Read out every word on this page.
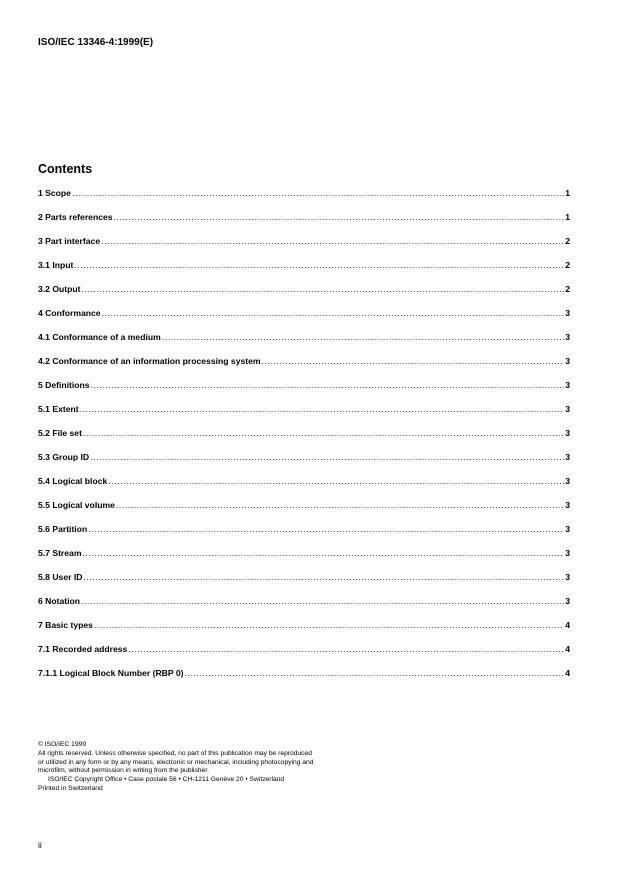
ISO/IEC 13346-4:1999(E)
Contents
1 Scope .....	1
2 Parts references .....	1
3 Part interface .....	2
3.1 Input .....	2
3.2 Output .....	2
4 Conformance .....	3
4.1 Conformance of a medium .....	3
4.2 Conformance of an information processing system .....	3
5 Definitions .....	3
5.1 Extent .....	3
5.2 File set .....	3
5.3 Group ID .....	3
5.4 Logical block .....	3
5.5 Logical volume .....	3
5.6 Partition .....	3
5.7 Stream .....	3
5.8 User ID .....	3
6 Notation .....	3
7 Basic types .....	4
7.1 Recorded address .....	4
7.1.1 Logical Block Number (RBP 0) .....	4
© ISO/IEC 1999
All rights reserved. Unless otherwise specified, no part of this publication may be reproduced
or utilized in any form or by any means, electronic or mechanical, including photocopying and
microfilm, without permission in writing from the publisher.
ISO/IEC Copyright Office • Case postale 56 • CH-1211 Genève 20 • Switzerland
Printed in Switzerland
ii
